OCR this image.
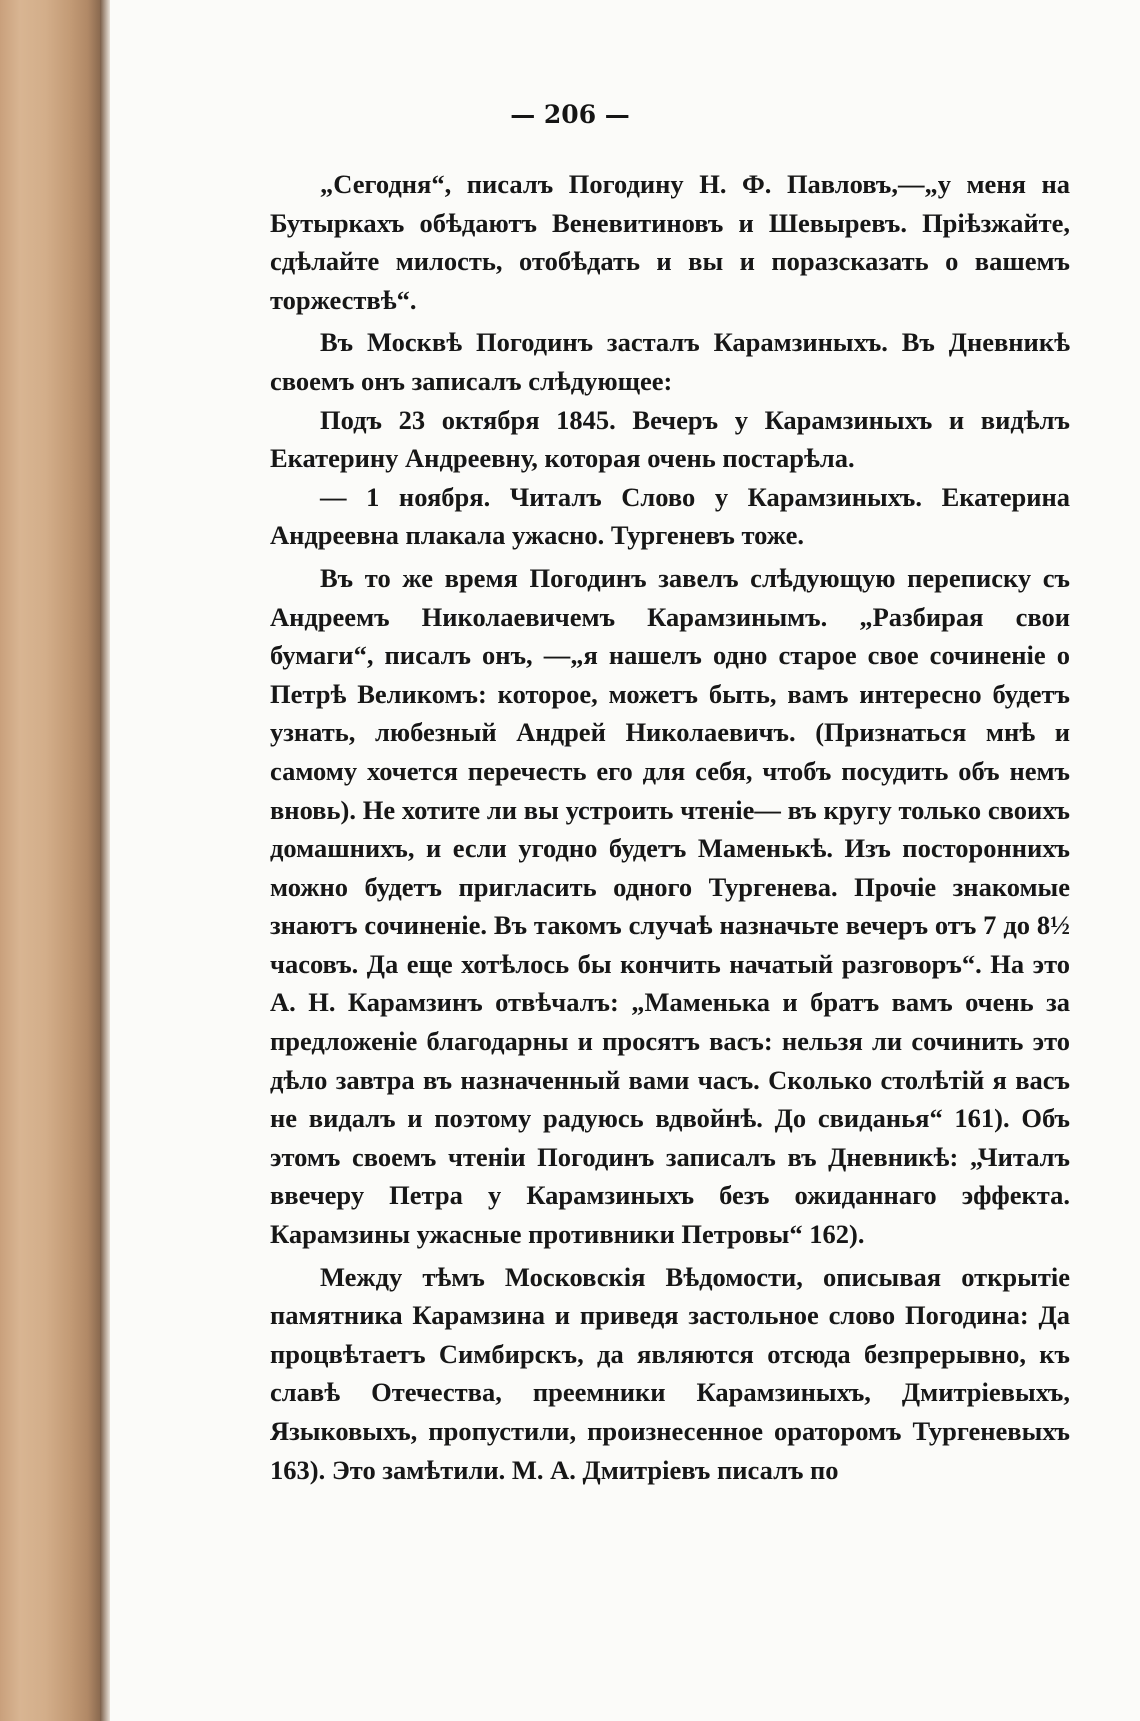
— 206 —

„Сегодня“, писалъ Погодину Н. Ф. Павловъ,—„у меня на Бутыркахъ обѣдаютъ Веневитиновъ и Шевыревъ. Пріѣзжайте, сдѣлайте милость, отобѣдать и вы и поразсказать о вашемъ торжествѣ“.

Въ Москвѣ Погодинъ засталъ Карамзиныхъ. Въ Дневникѣ своемъ онъ записалъ слѣдующее:

Подъ 23 октября 1845. Вечеръ у Карамзиныхъ и видѣлъ Екатерину Андреевну, которая очень постарѣла.

— 1 ноября. Читалъ Слово у Карамзиныхъ. Екатерина Андреевна плакала ужасно. Тургеневъ тоже.

Въ то же время Погодинъ завелъ слѣдующую переписку съ Андреемъ Николаевичемъ Карамзинымъ. „Разбирая свои бумаги“, писалъ онъ, —„я нашелъ одно старое свое сочиненіе о Петрѣ Великомъ: которое, можетъ быть, вамъ интересно будетъ узнать, любезный Андрей Николаевичъ. (Признаться мнѣ и самому хочется перечесть его для себя, чтобъ посудить объ немъ вновь). Не хотите ли вы устроить чтеніе— въ кругу только своихъ домашнихъ, и если угодно будетъ Маменькѣ. Изъ постороннихъ можно будетъ пригласить одного Тургенева. Прочіе знакомые знаютъ сочиненіе. Въ такомъ случаѣ назначьте вечеръ отъ 7 до 8½ часовъ. Да еще хотѣлось бы кончить начатый разговоръ“. На это А. Н. Карамзинъ отвѣчалъ: „Маменька и братъ вамъ очень за предложеніе благодарны и просятъ васъ: нельзя ли сочинить это дѣло завтра въ назначенный вами часъ. Сколько столѣтій я васъ не видалъ и поэтому радуюсь вдвойнѣ. До свиданья“ 161). Объ этомъ своемъ чтеніи Погодинъ записалъ въ Дневникѣ: „Читалъ ввечеру Петра у Карамзиныхъ безъ ожиданнаго эффекта. Карамзины ужасные противники Петровы“ 162).

Между тѣмъ Московскія Вѣдомости, описывая открытіе памятника Карамзина и приведя застольное слово Погодина: Да процвѣтаетъ Симбирскъ, да являются отсюда безпрерывно, къ славѣ Отечества, преемники Карамзиныхъ, Дмитріевыхъ, Языковыхъ, пропустили, произнесенное ораторомъ Тургеневыхъ 163). Это замѣтили. М. А. Дмитріевъ писалъ по
